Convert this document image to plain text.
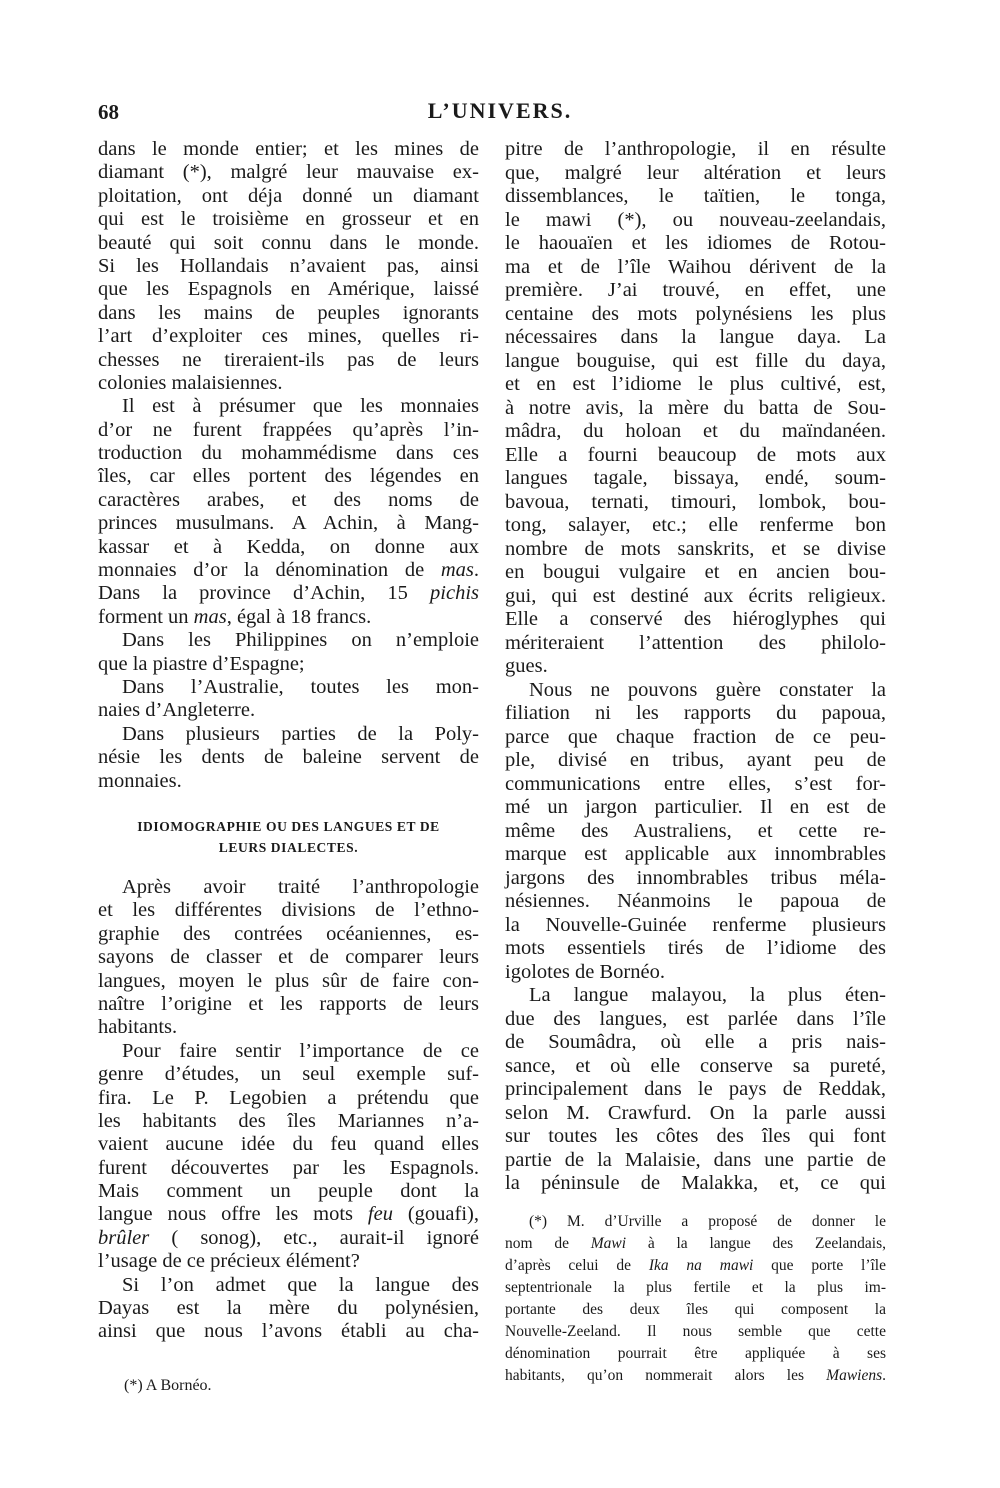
68	L’UNIVERS.
dans le monde entier; et les mines de
diamant (*), malgré leur mauvaise ex-
ploitation, ont déja donné un diamant
qui est le troisième en grosseur et en
beauté qui soit connu dans le monde.
Si les Hollandais n’avaient pas, ainsi
que les Espagnols en Amérique, laissé
dans les mains de peuples ignorants
l’art d’exploiter ces mines, quelles ri-
chesses ne tireraient-ils pas de leurs
colonies malaisiennes.
Il est à présumer que les monnaies
d’or ne furent frappées qu’après l’in-
troduction du mohammédisme dans ces
îles, car elles portent des légendes en
caractères arabes, et des noms de
princes musulmans. A Achin, à Mang-
kassar et à Kedda, on donne aux
monnaies d’or la dénomination de mas.
Dans la province d’Achin, 15 pichis
forment un mas, égal à 18 francs.
Dans les Philippines on n’emploie
que la piastre d’Espagne;
Dans l’Australie, toutes les mon-
naies d’Angleterre.
Dans plusieurs parties de la Poly-
nésie les dents de baleine servent de
monnaies.
IDIOMOGRAPHIE OU DES LANGUES ET DE
LEURS DIALECTES.
Après avoir traité l’anthropologie
et les différentes divisions de l’ethno-
graphie des contrées océaniennes, es-
sayons de classer et de comparer leurs
langues, moyen le plus sûr de faire con-
naître l’origine et les rapports de leurs
habitants.
Pour faire sentir l’importance de ce
genre d’études, un seul exemple suf-
fira. Le P. Legobien a prétendu que
les habitants des îles Mariannes n’a-
vaient aucune idée du feu quand elles
furent découvertes par les Espagnols.
Mais comment un peuple dont la
langue nous offre les mots feu (gouafi),
brûler ( sonog), etc., aurait-il ignoré
l’usage de ce précieux élément?
Si l’on admet que la langue des
Dayas est la mère du polynésien,
ainsi que nous l’avons établi au cha-
(*) A Bornéo.
pitre de l’anthropologie, il en résulte
que, malgré leur altération et leurs
dissemblances, le taïtien, le tonga,
le mawi (*), ou nouveau-zeelandais,
le haouaïen et les idiomes de Rotou-
ma et de l’île Waihou dérivent de la
première. J’ai trouvé, en effet, une
centaine des mots polynésiens les plus
nécessaires dans la langue daya. La
langue bouguise, qui est fille du daya,
et en est l’idiome le plus cultivé, est,
à notre avis, la mère du batta de Sou-
mâdra, du holoan et du maïndanéen.
Elle a fourni beaucoup de mots aux
langues tagale, bissaya, endé, soum-
bavoua, ternati, timouri, lombok, bou-
tong, salayer, etc.; elle renferme bon
nombre de mots sanskrits, et se divise
en bougui vulgaire et en ancien bou-
gui, qui est destiné aux écrits religieux.
Elle a conservé des hiéroglyphes qui
mériteraient l’attention des philolo-
gues.
Nous ne pouvons guère constater la
filiation ni les rapports du papoua,
parce que chaque fraction de ce peu-
ple, divisé en tribus, ayant peu de
communications entre elles, s’est for-
mé un jargon particulier. Il en est de
même des Australiens, et cette re-
marque est applicable aux innombrables
jargons des innombrables tribus méla-
nésiennes. Néanmoins le papoua de
la Nouvelle-Guinée renferme plusieurs
mots essentiels tirés de l’idiome des
igolotes de Bornéo.
La langue malayou, la plus éten-
due des langues, est parlée dans l’île
de Soumâdra, où elle a pris nais-
sance, et où elle conserve sa pureté,
principalement dans le pays de Reddak,
selon M. Crawfurd. On la parle aussi
sur toutes les côtes des îles qui font
partie de la Malaisie, dans une partie de
la péninsule de Malakka, et, ce qui
(*) M. d’Urville a proposé de donner le
nom de Mawi à la langue des Zeelandais,
d’après celui de Ika na mawi que porte l’île
septentrionale la plus fertile et la plus im-
portante des deux îles qui composent la
Nouvelle-Zeeland. Il nous semble que cette
dénomination pourrait être appliquée à ses
habitants, qu’on nommerait alors les Mawiens.
